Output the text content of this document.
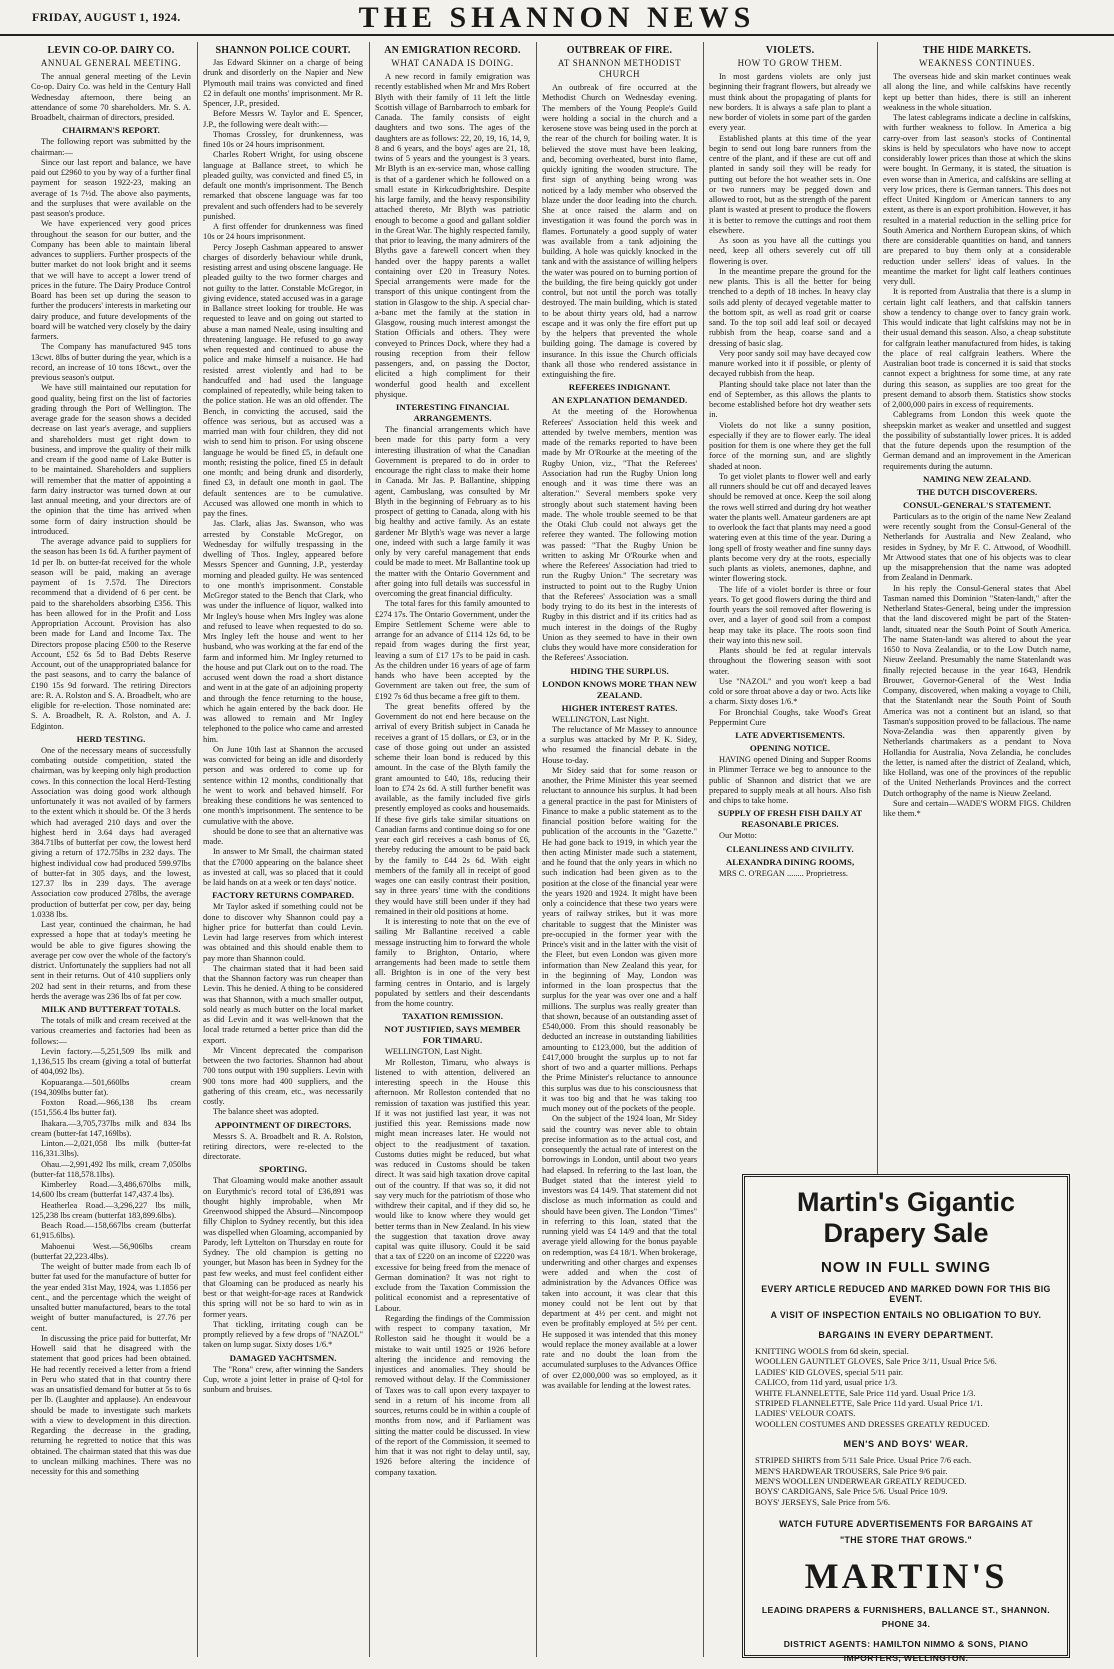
FRIDAY, AUGUST 1, 1924.	THE SHANNON NEWS
LEVIN CO-OP. DAIRY CO.
ANNUAL GENERAL MEETING.

The annual general meeting of the Levin Co-op. Dairy Co. was held in the Century Hall Wednesday afternoon, there being an attendance of some 70 shareholders. Mr. S. A. Broadbelt, chairman of directors, presided.

CHAIRMAN'S REPORT.

The following report was submitted by the chairman:—

Since our last report and balance, we have paid out £2960 to you by way of a further final payment for season 1922-23, making an average of 1s 7½d. The above also payments, and the surpluses that were available on the past season's produce.

We have experienced very good prices throughout the season for our butter, and the Company has been able to maintain liberal advances to suppliers. Further prospects of the butter market do not look bright and it seems that we will have to accept a lower trend of prices in the future. The Dairy Produce Control Board has been set up during the season to further the producers' interests in marketing our dairy produce, and future developments of the board will be watched very closely by the dairy farmers.

The Company has manufactured 945 tons 13cwt. 8lbs of butter during the year, which is a record, an increase of 10 tons 18cwt., over the previous season's output.

We have still maintained our reputation for good quality, being first on the list of factories grading through the Port of Wellington. The average grade for the season shows a decided decrease on last year's average, and suppliers and shareholders must get right down to business, and improve the quality of their milk and cream if the good name of Lake Butter is to be maintained. Shareholders and suppliers will remember that the matter of appointing a farm dairy instructor was turned down at our last annual meeting, and your directors are of the opinion that the time has arrived when some form of dairy instruction should be introduced.

The average advance paid to suppliers for the season has been 1s 6d. A further payment of 1d per lb. on butter-fat received for the whole season will be paid, making an average payment of 1s 7.57d. The Directors recommend that a dividend of 6 per cent. be paid to the shareholders absorbing £356. This has been allowed for in the Profit and Loss Appropriation Account. Provision has also been made for Land and Income Tax. The Directors propose placing £500 to the Reserve Account, £52 6s 5d to Bad Debts Reserve Account, out of the unappropriated balance for the past seasons, and to carry the balance of £190 15s 9d forward. The retiring Directors are: R. A. Rolston and S. A. Broadbelt, who are eligible for re-election. Those nominated are: S. A. Broadbelt, R. A. Rolston, and A. J. Edginton.

HERD TESTING.

One of the necessary means of successfully combating outside competition, stated the chairman, was by keeping only high production cows. In this connection the local Herd-Testing Association was doing good work although unfortunately it was not availed of by farmers to the extent which it should be. Of the 3 herds which had averaged 210 days and over the highest herd in 3.64 days had averaged 384.71lbs of butterfat per cow, the lowest herd giving a return of 172.75lbs in 232 days. The highest individual cow had produced 599.97lbs of butter-fat in 305 days, and the lowest, 127.37 lbs in 239 days. The average Association cow produced 278lbs, the average production of butterfat per cow, per day, being 1.0338 lbs.

Last year, continued the chairman, he had expressed a hope that at today's meeting he would be able to give figures showing the average per cow over the whole of the factory's district. Unfortunately the suppliers had not all sent in their returns. Out of 410 suppliers only 202 had sent in their returns, and from these herds the average was 236 lbs of fat per cow.

MILK AND BUTTERFAT TOTALS.

The totals of milk and cream received at the various creameries and factories had been as follows:—

Levin factory.—5,251,509 lbs milk and 1,136,515 lbs cream (giving a total of butterfat of 404,092 lbs).

Kopuaranga.—501,660lbs cream (194,309lbs butter fat).

Foxton Road.—966,138 lbs cream (151,556.4 lbs butter fat).

Ihakara.—3,705,737lbs milk and 834 lbs cream (butter-fat 147,169lbs).

Linton.—2,021,058 lbs milk (butter-fat 116,331.3lbs).

Ohau.—2,991,492 lbs milk, cream 7,050lbs (butter-fat 118,578.1lbs).

Kimberley Road.—3,486,670lbs milk, 14,600 lbs cream (butterfat 147,437.4 lbs).

Heatherlea Road.—3,296,227 lbs milk, 125,238 lbs cream (butterfat 183,899.6lbs).

Beach Road.—158,667lbs cream (butterfat 61,915.6lbs).

Mahoenui West.—56,906lbs cream (butterfat 22,223.4lbs).

The weight of butter made from each lb of butter fat used for the manufacture of butter for the year ended 31st May, 1924, was 1.1856 per cent., and the percentage which the weight of unsalted butter manufactured, bears to the total weight of butter manufactured, is 27.76 per cent.

In discussing the price paid for butterfat, Mr Howell said that he disagreed with the statement that good prices had been obtained. He had recently received a letter from a friend in Peru who stated that in that country there was an unsatisfied demand for butter at 5s to 6s per lb. (Laughter and applause). An endeavour should be made to investigate such markets with a view to development in this direction. Regarding the decrease in the grading, returning he regretted to notice that this was obtained. The chairman stated that this was due to unclean milking machines. There was no necessity for this and something

SHANNON POLICE COURT.

Jas Edward Skinner on a charge of being drunk and disorderly on the Napier and New Plymouth mail trains was convicted and fined £2 in default one months' imprisonment. Mr R. Spencer, J.P., presided.

Before Messrs W. Taylor and E. Spencer, J.P., the following were dealt with:—

Thomas Crossley, for drunkenness, was fined 10s or 24 hours imprisonment.

Charles Robert Wright, for using obscene language at Ballance street, to which he pleaded guilty, was convicted and fined £5, in default one month's imprisonment. The Bench remarked that obscene language was far too prevalent and such offenders had to be severely punished.

A first offender for drunkenness was fined 10s or 24 hours imprisonment.

Percy Joseph Cashman appeared to answer charges of disorderly behaviour while drunk, resisting arrest and using obscene language. He pleaded guilty to the two former charges and not guilty to the latter. Constable McGregor, in giving evidence, stated accused was in a garage in Ballance street looking for trouble. He was requested to leave and on going out started to abuse a man named Neale, using insulting and threatening language. He refused to go away when requested and continued to abuse the police and make himself a nuisance. He had resisted arrest violently and had to be handcuffed and had used the language complained of repeatedly, while being taken to the police station. He was an old offender. The Bench, in convicting the accused, said the offence was serious, but as accused was a married man with four children, they did not wish to send him to prison. For using obscene language he would be fined £5, in default one month; resisting the police, fined £5 in default one month; and being drunk and disorderly, fined £3, in default one month in gaol. The default sentences are to be cumulative. Accused was allowed one month in which to pay the fines.

Jas. Clark, alias Jas. Swanson, who was arrested by Constable McGregor, on Wednesday for wilfully trespassing in the dwelling of Thos. Ingley, appeared before Messrs Spencer and Gunning, J.P., yesterday morning and pleaded guilty. He was sentenced to one month's imprisonment. Constable McGregor stated to the Bench that Clark, who was under the influence of liquor, walked into Mr Ingley's house when Mrs Ingley was alone and refused to leave when requested to do so. Mrs Ingley left the house and went to her husband, who was working at the far end of the farm and informed him. Mr Ingley returned to the house and put Clark out on to the road. The accused went down the road a short distance and went in at the gate of an adjoining property and through the fence returning to the house, which he again entered by the back door. He was allowed to remain and Mr Ingley telephoned to the police who came and arrested him.

On June 10th last at Shannon the accused was convicted for being an idle and disorderly person and was ordered to come up for sentence within 12 months, conditionally that he went to work and behaved himself. For breaking these conditions he was sentenced to one month's imprisonment. The sentence to be cumulative with the above.

should be done to see that an alternative was made.

In answer to Mr Small, the chairman stated that the £7000 appearing on the balance sheet as invested at call, was so placed that it could be laid hands on at a week or ten days' notice.

FACTORY RETURNS COMPARED.

Mr Taylor asked if something could not be done to discover why Shannon could pay a higher price for butterfat than could Levin. Levin had large reserves from which interest was obtained and this should enable them to pay more than Shannon could.

The chairman stated that it had been said that the Shannon factory was run cheaper than Levin. This he denied. A thing to be considered was that Shannon, with a much smaller output, sold nearly as much butter on the local market as did Levin and it was well-known that the local trade returned a better price than did the export.

Mr Vincent deprecated the comparison between the two factories. Shannon had about 700 tons output with 190 suppliers. Levin with 900 tons more had 400 suppliers, and the gathering of this cream, etc., was necessarily costly.

The balance sheet was adopted.

APPOINTMENT OF DIRECTORS.

Messrs S. A. Broadbelt and R. A. Rolston, retiring directors, were re-elected to the directorate.

SPORTING.

That Gloaming would make another assault on Eurythmic's record total of £36,891 was thought highly improbable, when Mr Greenwood shipped the Absurd—Nincompoop filly Chiplon to Sydney recently, but this idea was dispelled when Gloaming, accompanied by Parody, left Lyttelton on Thursday en route for Sydney. The old champion is getting no younger, but Mason has been in Sydney for the past few weeks, and must feel confident either that Gloaming can be produced as nearly his best or that weight-for-age races at Randwick this spring will not be so hard to win as in former years.

That tickling, irritating cough can be promptly relieved by a few drops of "NAZOL" taken on lump sugar. Sixty doses 1/6.*

DAMAGED YACHTSMEN.

The "Rona" crew, after winning the Sanders Cup, wrote a joint letter in praise of Q-tol for sunburn and bruises.

AN EMIGRATION RECORD.
WHAT CANADA IS DOING.

A new record in family emigration was recently established when Mr and Mrs Robert Blyth with their family of 11 left the little Scottish village of Barnbarroch to embark for Canada. The family consists of eight daughters and two sons. The ages of the daughters are as follows: 22, 20, 19, 16, 14, 9, 8 and 6 years, and the boys' ages are 21, 18, twins of 5 years and the youngest is 3 years. Mr Blyth is an ex-service man, whose calling is that of a gardener which he followed on a small estate in Kirkcudbrightshire. Despite his large family, and the heavy responsibility attached thereto, Mr Blyth was patriotic enough to become a good and gallant soldier in the Great War. The highly respected family, that prior to leaving, the many admirers of the Blyths gave a farewell concert when they handed over the happy parents a wallet containing over £20 in Treasury Notes. Special arrangements were made for the transport of this unique contingent from the station in Glasgow to the ship. A special char-a-banc met the family at the station in Glasgow, rousing much interest amongst the Station Officials and others. They were conveyed to Princes Dock, where they had a rousing reception from their fellow passengers, and, on passing the Doctor, elicited a high compliment for their wonderful good health and excellent physique.

INTERESTING FINANCIAL ARRANGEMENTS.

The financial arrangements which have been made for this party form a very interesting illustration of what the Canadian Government is prepared to do in order to encourage the right class to make their home in Canada. Mr Jas. P. Ballantine, shipping agent, Cambuslang, was consulted by Mr Blyth in the beginning of February as to his prospect of getting to Canada, along with his big healthy and active family. As an estate gardener Mr Blyth's wage was never a large one, indeed with such a large family it was only by very careful management that ends could be made to meet. Mr Ballantine took up the matter with the Ontario Government and after going into full details was successful in overcoming the great financial difficulty.

The total fares for this family amounted to £274 17s. The Ontario Government, under the Empire Settlement Scheme were able to arrange for an advance of £114 12s 6d, to be repaid from wages during the first year, leaving a sum of £17 17s to be paid in cash. As the children under 16 years of age of farm hands who have been accepted by the Government are taken out free, the sum of £192 7s 6d thus became a free gift to them.

The great benefits offered by the Government do not end here because on the arrival of every British subject in Canada he receives a grant of 15 dollars, or £3, or in the case of those going out under an assisted scheme their loan bond is reduced by this amount. In the case of the Blyth family the grant amounted to £40, 18s, reducing their loan to £74 2s 6d. A still further benefit was available, as the family included five girls presently employed as cooks and housemaids. If these five girls take similar situations on Canadian farms and continue doing so for one year each girl receives a cash bonus of £6, thereby reducing the amount to be paid back by the family to £44 2s 6d. With eight members of the family all in receipt of good wages one can easily contrast their position, say in three years' time with the conditions they would have still been under if they had remained in their old positions at home.

It is interesting to note that on the eve of sailing Mr Ballantine received a cable message instructing him to forward the whole family to Brighton, Ontario, where arrangements had been made to settle them all. Brighton is in one of the very best farming centres in Ontario, and is largely populated by settlers and their descendants from the home country.

TAXATION REMISSION.

NOT JUSTIFIED, SAYS MEMBER FOR TIMARU.

WELLINGTON, Last Night.

Mr Rolleston, Timaru, who always is listened to with attention, delivered an interesting speech in the House this afternoon. Mr Rolleston contended that no remission of taxation was justified this year. If it was not justified last year, it was not justified this year. Remissions made now might mean increases later. He would not object to the readjustment of taxation. Customs duties might be reduced, but what was reduced in Customs should be taken direct. It was said high taxation drove capital out of the country. If that was so, it did not say very much for the patriotism of those who withdrew their capital, and if they did so, he would like to know where they would get better terms than in New Zealand. In his view the suggestion that taxation drove away capital was quite illusory. Could it be said that a tax of £220 on an income of £2220 was excessive for being freed from the menace of German domination? It was not right to exclude from the Taxation Commission the political economist and a representative of Labour.

Regarding the findings of the Commission with respect to company taxation, Mr Rolleston said he thought it would be a mistake to wait until 1925 or 1926 before altering the incidence and removing the injustices and anomalies. They should be removed without delay. If the Commissioner of Taxes was to call upon every taxpayer to send in a return of his income from all sources, returns could be in within a couple of months from now, and if Parliament was sitting the matter could be discussed. In view of the report of the Commission, it seemed to him that it was not right to delay until, say, 1926 before altering the incidence of company taxation.

OUTBREAK OF FIRE.
AT SHANNON METHODIST CHURCH

An outbreak of fire occurred at the Methodist Church on Wednesday evening. The members of the Young People's Guild were holding a social in the church and a kerosene stove was being used in the porch at the rear of the church for boiling water. It is believed the stove must have been leaking, and, becoming overheated, burst into flame, quickly igniting the wooden structure. The first sign of anything being wrong was noticed by a lady member who observed the blaze under the door leading into the church. She at once raised the alarm and on investigation it was found the porch was in flames. Fortunately a good supply of water was available from a tank adjoining the building. A hole was quickly knocked in the tank and with the assistance of willing helpers the water was poured on to burning portion of the building, the fire being quickly got under control, but not until the porch was totally destroyed. The main building, which is stated to be about thirty years old, had a narrow escape and it was only the fire effort put up by the helpers that prevented the whole building going. The damage is covered by insurance. In this issue the Church officials thank all those who rendered assistance in extinguishing the fire.

REFEREES INDIGNANT.

AN EXPLANATION DEMANDED.

At the meeting of the Horowhenua Referees' Association held this week and attended by twelve members, mention was made of the remarks reported to have been made by Mr O'Rourke at the meeting of the Rugby Union, viz., "That the Referees' Association had run the Rugby Union long enough and it was time there was an alteration." Several members spoke very strongly about such statement having been made. The whole trouble seemed to be that the Otaki Club could not always get the referee they wanted. The following motion was passed: "That the Rugby Union be written to asking Mr O'Rourke when and where the Referees' Association had tried to run the Rugby Union." The secretary was instructed to point out to the Rugby Union that the Referees' Association was a small body trying to do its best in the interests of Rugby in this district and if its critics had as much interest in the doings of the Rugby Union as they seemed to have in their own clubs they would have more consideration for the Referees' Association.

HIDING THE SURPLUS.

LONDON KNOWS MORE THAN NEW ZEALAND.

HIGHER INTEREST RATES.

WELLINGTON, Last Night.

The reluctance of Mr Massey to announce a surplus was attacked by Mr P. K. Sidey, who resumed the financial debate in the House to-day.

Mr Sidey said that for some reason or another, the Prime Minister this year seemed reluctant to announce his surplus. It had been a general practice in the past for Ministers of Finance to make a public statement as to the financial position before waiting for the publication of the accounts in the "Gazette." He had gone back to 1919, in which year the then acting Minister made such a statement, and he found that the only years in which no such indication had been given as to the position at the close of the financial year were the years 1920 and 1924. It might have been only a coincidence that these two years were years of railway strikes, but it was more charitable to suggest that the Minister was pre-occupied in the former year with the Prince's visit and in the latter with the visit of the Fleet, but even London was given more information than New Zealand this year, for in the beginning of May, London was informed in the loan prospectus that the surplus for the year was over one and a half millions. The surplus was really greater than that shown, because of an outstanding asset of £540,000. From this should reasonably be deducted an increase in outstanding liabilities amounting to £123,000, but the addition of £417,000 brought the surplus up to not far short of two and a quarter millions. Perhaps the Prime Minister's reluctance to announce this surplus was due to his consciousness that it was too big and that he was taking too much money out of the pockets of the people.

On the subject of the 1924 loan, Mr Sidey said the country was never able to obtain precise information as to the actual cost, and consequently the actual rate of interest on the borrowings in London, until about two years had elapsed. In referring to the last loan, the Budget stated that the interest yield to investors was £4 14/9. That statement did not disclose as much information as could and should have been given. The London "Times" in referring to this loan, stated that the running yield was £4 14/9 and that the total average yield allowing for the bonus payable on redemption, was £4 18/1. When brokerage, underwriting and other charges and expenses were added and when the cost of administration by the Advances Office was taken into account, it was clear that this money could not be lent out by that department at 4½ per cent. and might not even be profitably employed at 5½ per cent. He supposed it was intended that this money would replace the money available at a lower rate and no doubt the loan from the accumulated surpluses to the Advances Office of over £2,000,000 was so employed, as it was available for lending at the lowest rates.

VIOLETS.
HOW TO GROW THEM.

In most gardens violets are only just beginning their fragrant flowers, but already we must think about the propagating of plants for new borders. It is always a safe plan to plant a new border of violets in some part of the garden every year.

Established plants at this time of the year begin to send out long bare runners from the centre of the plant, and if these are cut off and planted in sandy soil they will be ready for putting out before the hot weather sets in. One or two runners may be pegged down and allowed to root, but as the strength of the parent plant is wasted at present to produce the flowers it is better to remove the cuttings and root them elsewhere.

As soon as you have all the cuttings you need, keep all others severely cut off till flowering is over.

In the meantime prepare the ground for the new plants. This is all the better for being trenched to a depth of 18 inches. In heavy clay soils add plenty of decayed vegetable matter to the bottom spit, as well as road grit or coarse sand. To the top soil add leaf soil or decayed rubbish from the heap, coarse sand and a dressing of basic slag.

Very poor sandy soil may have decayed cow manure worked into it if possible, or plenty of decayed rubbish from the heap.

Planting should take place not later than the end of September, as this allows the plants to become established before hot dry weather sets in.

Violets do not like a sunny position, especially if they are to flower early. The ideal position for them is one where they get the full force of the morning sun, and are slightly shaded at noon.

To get violet plants to flower well and early all runners should be cut off and decayed leaves should be removed at once. Keep the soil along the rows well stirred and during dry hot weather water the plants well. Amateur gardeners are apt to overlook the fact that plants may need a good watering even at this time of the year. During a long spell of frosty weather and fine sunny days plants become very dry at the roots, especially such plants as violets, anemones, daphne, and winter flowering stock.

The life of a violet border is three or four years. To get good flowers during the third and fourth years the soil removed after flowering is over, and a layer of good soil from a compost heap may take its place. The roots soon find their way into this new soil.

Plants should be fed at regular intervals throughout the flowering season with soot water.

Use "NAZOL" and you won't keep a bad cold or sore throat above a day or two. Acts like a charm. Sixty doses 1/6.*

For Bronchial Coughs, take Wood's Great Peppermint Cure

LATE ADVERTISEMENTS.

OPENING NOTICE.

HAVING opened Dining and Supper Rooms in Plimmer Terrace we beg to announce to the public of Shannon and district that we are prepared to supply meals at all hours. Also fish and chips to take home.

SUPPLY OF FRESH FISH DAILY AT REASONABLE PRICES.

Our Motto:

CLEANLINESS AND CIVILITY.

ALEXANDRA DINING ROOMS,

MRS C. O'REGAN ........ Proprietress.

THE HIDE MARKETS.
WEAKNESS CONTINUES.

The overseas hide and skin market continues weak all along the line, and while calfskins have recently kept up better than hides, there is still an inherent weakness in the whole situation.

The latest cablegrams indicate a decline in calfskins, with further weakness to follow. In America a big carry-over from last season's stocks of Continental skins is held by speculators who have now to accept considerably lower prices than those at which the skins were bought. In Germany, it is stated, the situation is even worse than in America, and calfskins are selling at very low prices, there is German tanners. This does not effect United Kingdom or American tanners to any extent, as there is an export prohibition. However, it has resulted in a material reduction in the selling price for South America and Northern European skins, of which there are considerable quantities on hand, and tanners are prepared to buy them only at a considerable reduction under sellers' ideas of values. In the meantime the market for light calf leathers continues very dull.

It is reported from Australia that there is a slump in certain light calf leathers, and that calfskin tanners show a tendency to change over to fancy grain work. This would indicate that light calfskins may not be in their usual demand this season. Also, a cheap substitute for calfgrain leather manufactured from hides, is taking the place of real calfgrain leathers. Where the Australian boot trade is concerned it is said that stocks cannot expect a brightness for some time, at any rate during this season, as supplies are too great for the present demand to absorb them. Statistics show stocks of 2,000,000 pairs in excess of requirements.

Cablegrams from London this week quote the sheepskin market as weaker and unsettled and suggest the possibility of substantially lower prices. It is added that the future depends upon the resumption of the German demand and an improvement in the American requirements during the autumn.

NAMING NEW ZEALAND.

THE DUTCH DISCOVERERS.

CONSUL-GENERAL'S STATEMENT.

Particulars as to the origin of the name New Zealand were recently sought from the Consul-General of the Netherlands for Australia and New Zealand, who resides in Sydney, by Mr F. C. Attwood, of Woodhill. Mr Attwood states that one of his objects was to clear up the misapprehension that the name was adopted from Zealand in Denmark.

In his reply the Consul-General states that Abel Tasman named this Dominion "Staten-landt," after the Netherland States-General, being under the impression that the land discovered might be part of the Staten-landt, situated near the South Point of South America. The name Staten-landt was altered to about the year 1650 to Nova Zealandia, or to the Low Dutch name, Nieuw Zeeland. Presumably the name Statenlandt was finally rejected because in the year 1643, Hendrik Brouwer, Governor-General of the West India Company, discovered, when making a voyage to Chili, that the Statenlandt near the South Point of South America was not a continent but an island, so that Tasman's supposition proved to be fallacious. The name Nova-Zelandia was then apparently given by Netherlands chartmakers as a pendant to Nova Hollandia for Australia, Nova Zelandia, he concludes the letter, is named after the district of Zealand, which, like Holland, was one of the provinces of the republic of the United Netherlands Provinces and the correct Dutch orthography of the name is Nieuw Zeeland.

Sure and certain—WADE'S WORM FIGS. Children like them.*

Martin's Gigantic Drapery Sale
NOW IN FULL SWING
EVERY ARTICLE REDUCED AND MARKED DOWN FOR THIS BIG EVENT.
A VISIT OF INSPECTION ENTAILS NO OBLIGATION TO BUY.
BARGAINS IN EVERY DEPARTMENT.
KNITTING WOOLS from 6d skein, special.
WOOLLEN GAUNTLET GLOVES, Sale Price 3/11, Usual Price 5/6.
LADIES' KID GLOVES, special 5/11 pair.
CALICO, from 11d yard, usual price 1/3.
WHITE FLANNELETTE, Sale Price 11d yard. Usual Price 1/3.
STRIPED FLANNELETTE, Sale Price 11d yard. Usual Price 1/1.
LADIES' VELOUR COATS.
WOOLLEN COSTUMES AND DRESSES GREATLY REDUCED.
MEN'S AND BOYS' WEAR.
STRIPED SHIRTS from 5/11 Sale Price. Usual Price 7/6 each.
MEN'S HARDWEAR TROUSERS, Sale Price 9/6 pair.
MEN'S WOOLLEN UNDERWEAR GREATLY REDUCED.
BOYS' CARDIGANS, Sale Price 5/6. Usual Price 10/9.
BOYS' JERSEYS, Sale Price from 5/6.
WATCH FUTURE ADVERTISEMENTS FOR BARGAINS AT
"THE STORE THAT GROWS."
MARTIN'S
LEADING DRAPERS & FURNISHERS, BALLANCE ST., SHANNON.
PHONE 34.
DISTRICT AGENTS: HAMILTON NIMMO & SONS, PIANO IMPORTERS, WELLINGTON.
